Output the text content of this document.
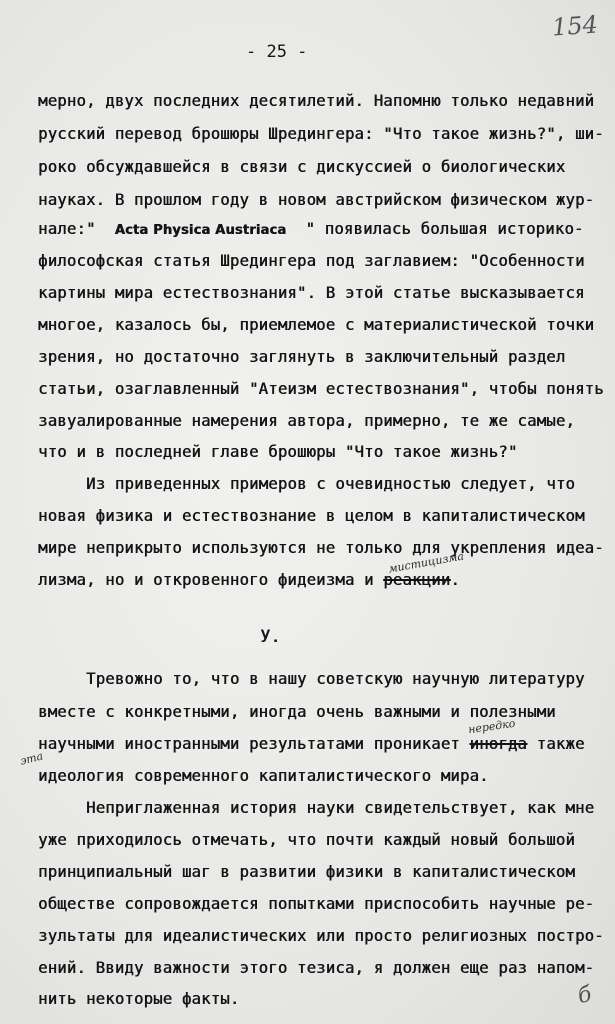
154
- 25 -
мерно, двух последних десятилетий. Напомню только недавний
русский перевод брошюры Шредингера: "Что такое жизнь?", ши-
роко обсуждавшейся в связи с дискуссией о биологических
науках. В прошлом году в новом австрийском физическом жур-
нале:" Acta Physica Austriaca " появилась большая историко-
философская статья Шредингера под заглавием: "Особенности
картины мира естествознания". В этой статье высказывается
многое, казалось бы, приемлемое с материалистической точки
зрения, но достаточно заглянуть в заключительный раздел
статьи, озаглавленный "Атеизм естествознания", чтобы понять
завуалированные намерения автора, примерно, те же самые,
что и в последней главе брошюры "Что такое жизнь?"
Из приведенных примеров с очевидностью следует, что
новая физика и естествознание в целом в капиталистическом
мире неприкрыто используются не только для укрепления идеа-
лизма, но и откровенного фидеизма и реакции.
мистицизма
У.
Тревожно то, что в нашу советскую научную литературу
вместе с конкретными, иногда очень важными и полезными
научными иностранными результатами проникает иногда также
нередко
эта
идеология современного капиталистического мира.
Неприглаженная история науки свидетельствует, как мне
уже приходилось отмечать, что почти каждый новый большой
принципиальный шаг в развитии физики в капиталистическом
обществе сопровождается попытками приспособить научные ре-
зультаты для идеалистических или просто религиозных постро-
ений. Ввиду важности этого тезиса, я должен еще раз напом-
нить некоторые факты.	б
